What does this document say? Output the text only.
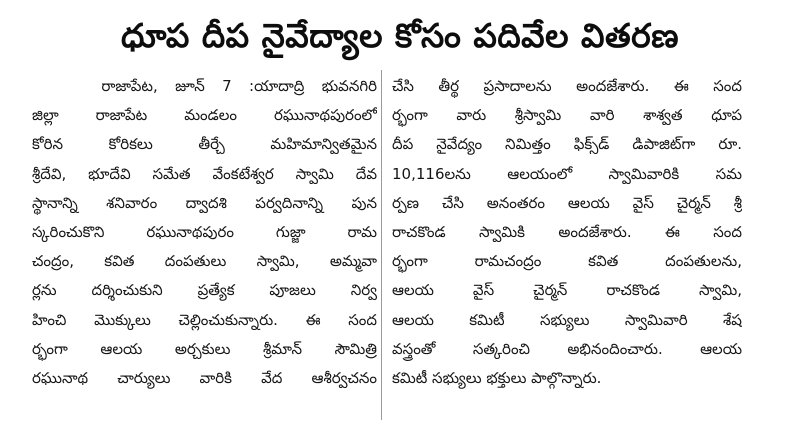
ధూప దీప నైవేద్యాల కోసం పదివేల వితరణ
రాజాపేట, జూన్ 7 :యాదాద్రి భువనగిరి
జిల్లా రాజాపేట మండలం రఘునాథపురంలో
కోరిన కోరికలు తీర్చే మహిమాన్వితమైన
శ్రీదేవి, భూదేవి సమేత వేంకటేశ్వర స్వామి దేవ
స్థానాన్ని శనివారం ద్వాదశి పర్వదినాన్ని పున
స్కరించుకొని రఘునాథపురం గుజ్జా రామ
చంద్రం, కవిత దంపతులు స్వామి, అమ్మవా
ర్లను దర్శించుకుని ప్రత్యేక పూజలు నిర్వ
హించి మొక్కులు చెల్లించుకున్నారు. ఈ సంద
ర్భంగా ఆలయ అర్చకులు శ్రీమాన్ సౌమిత్రి
రఘునాథ చార్యులు వారికి వేద ఆశీర్వచనం
చేసి తీర్థ ప్రసాదాలను అందజేశారు. ఈ సంద
ర్భంగా వారు శ్రీస్వామి వారి శాశ్వత ధూప
దీప నైవేద్యం నిమిత్తం ఫిక్స్‌డ్ డిపాజిట్‌గా రూ.
10,116లను ఆలయంలో స్వామివారికి సమ
ర్పణ చేసి అనంతరం ఆలయ వైస్ చైర్మన్ శ్రీ
రాచకొండ స్వామికి అందజేశారు. ఈ సంద
ర్భంగా రామచంద్రం కవిత దంపతులను,
ఆలయ వైస్ చైర్మన్ రాచకొండ స్వామి,
ఆలయ కమిటీ సభ్యులు స్వామివారి శేష
వస్త్రంతో సత్కరించి అభినందించారు. ఆలయ
కమిటీ సభ్యులు భక్తులు పాల్గొన్నారు.
